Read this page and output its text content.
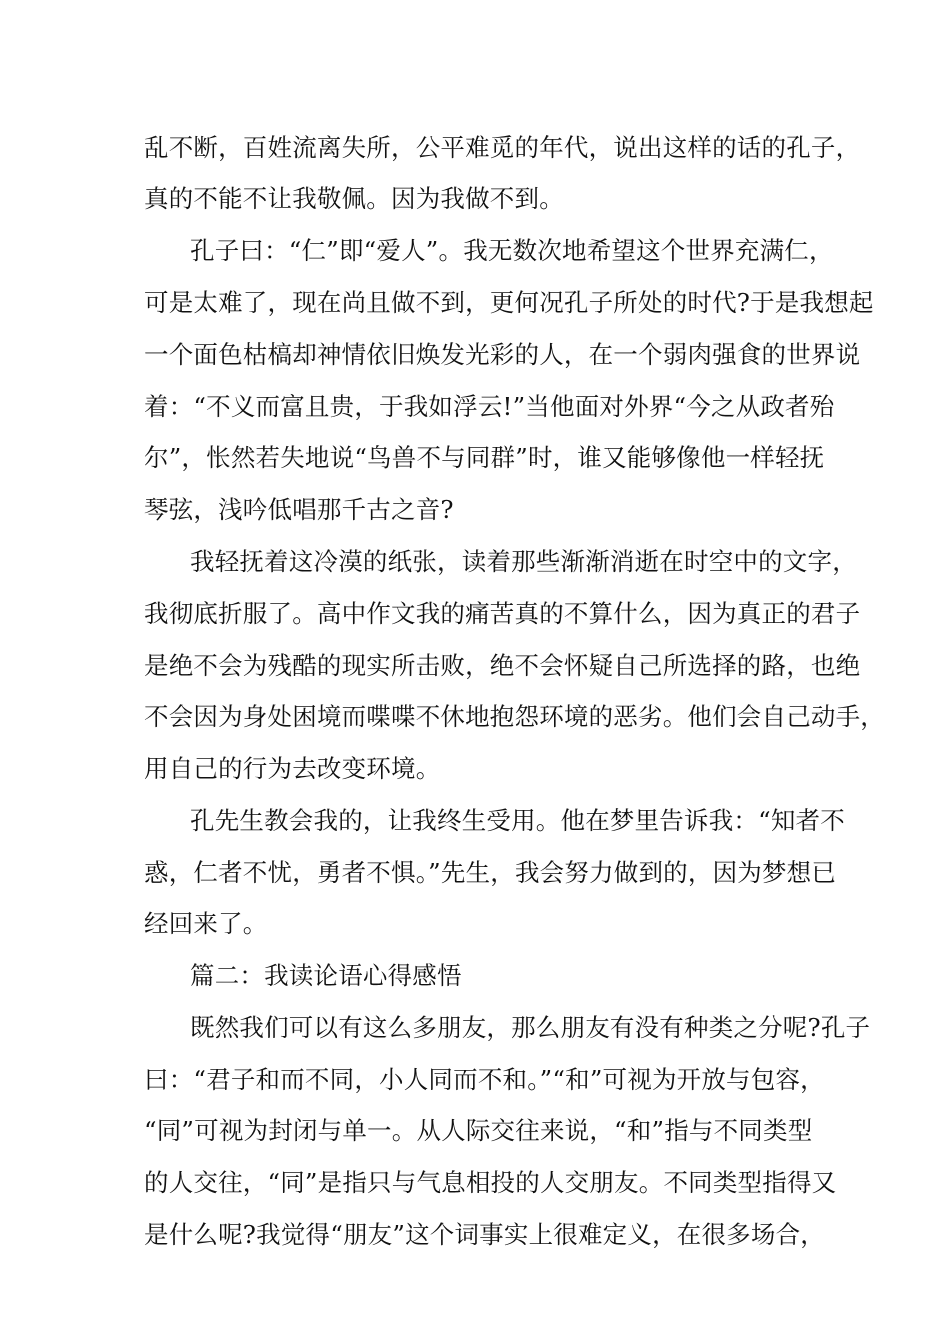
乱不断，百姓流离失所，公平难觅的年代，说出这样的话的孔子，
真的不能不让我敬佩。因为我做不到。
孔子曰：“仁”即“爱人”。我无数次地希望这个世界充满仁，
可是太难了，现在尚且做不到，更何况孔子所处的时代?于是我想起
一个面色枯槁却神情依旧焕发光彩的人，在一个弱肉强食的世界说
着：“不义而富且贵，于我如浮云!”当他面对外界“今之从政者殆
尔”，怅然若失地说“鸟兽不与同群”时，谁又能够像他一样轻抚
琴弦，浅吟低唱那千古之音?
我轻抚着这冷漠的纸张，读着那些渐渐消逝在时空中的文字，
我彻底折服了。高中作文我的痛苦真的不算什么，因为真正的君子
是绝不会为残酷的现实所击败，绝不会怀疑自己所选择的路，也绝
不会因为身处困境而喋喋不休地抱怨环境的恶劣。他们会自己动手，
用自己的行为去改变环境。
孔先生教会我的，让我终生受用。他在梦里告诉我：“知者不
惑，仁者不忧，勇者不惧。”先生，我会努力做到的，因为梦想已
经回来了。
篇二：我读论语心得感悟
既然我们可以有这么多朋友，那么朋友有没有种类之分呢?孔子
曰：“君子和而不同，小人同而不和。”“和”可视为开放与包容，
“同”可视为封闭与单一。从人际交往来说，“和”指与不同类型
的人交往，“同”是指只与气息相投的人交朋友。不同类型指得又
是什么呢?我觉得“朋友”这个词事实上很难定义，在很多场合，
